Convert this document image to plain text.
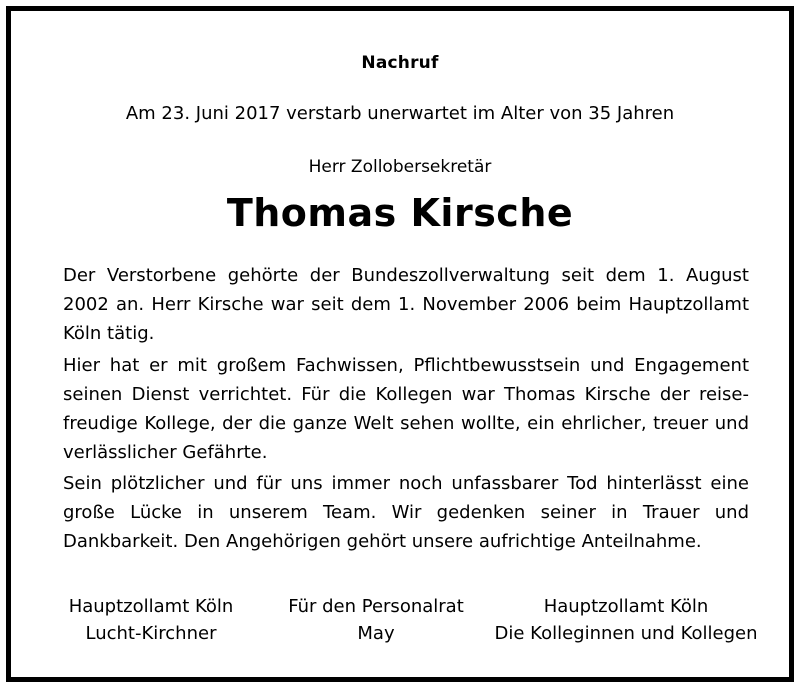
Nachruf
Am 23. Juni 2017 verstarb unerwartet im Alter von 35 Jahren
Herr Zollobersekretär
Thomas Kirsche

Der Verstorbene gehörte der Bundeszollverwaltung seit dem 1. August 2002 an. Herr Kirsche war seit dem 1. November 2006 beim Hauptzollamt Köln tätig.

Hier hat er mit großem Fachwissen, Pflichtbewusstsein und Engagement seinen Dienst verrichtet. Für die Kollegen war Thomas Kirsche der reisefreudige Kollege, der die ganze Welt sehen wollte, ein ehrlicher, treuer und verlässlicher Gefährte.

Sein plötzlicher und für uns immer noch unfassbarer Tod hinterlässt eine große Lücke in unserem Team. Wir gedenken seiner in Trauer und Dankbarkeit. Den Angehörigen gehört unsere aufrichtige Anteilnahme.

Hauptzollamt Köln
Lucht-Kirchner
Für den Personalrat
May
Hauptzollamt Köln
Die Kolleginnen und Kollegen
